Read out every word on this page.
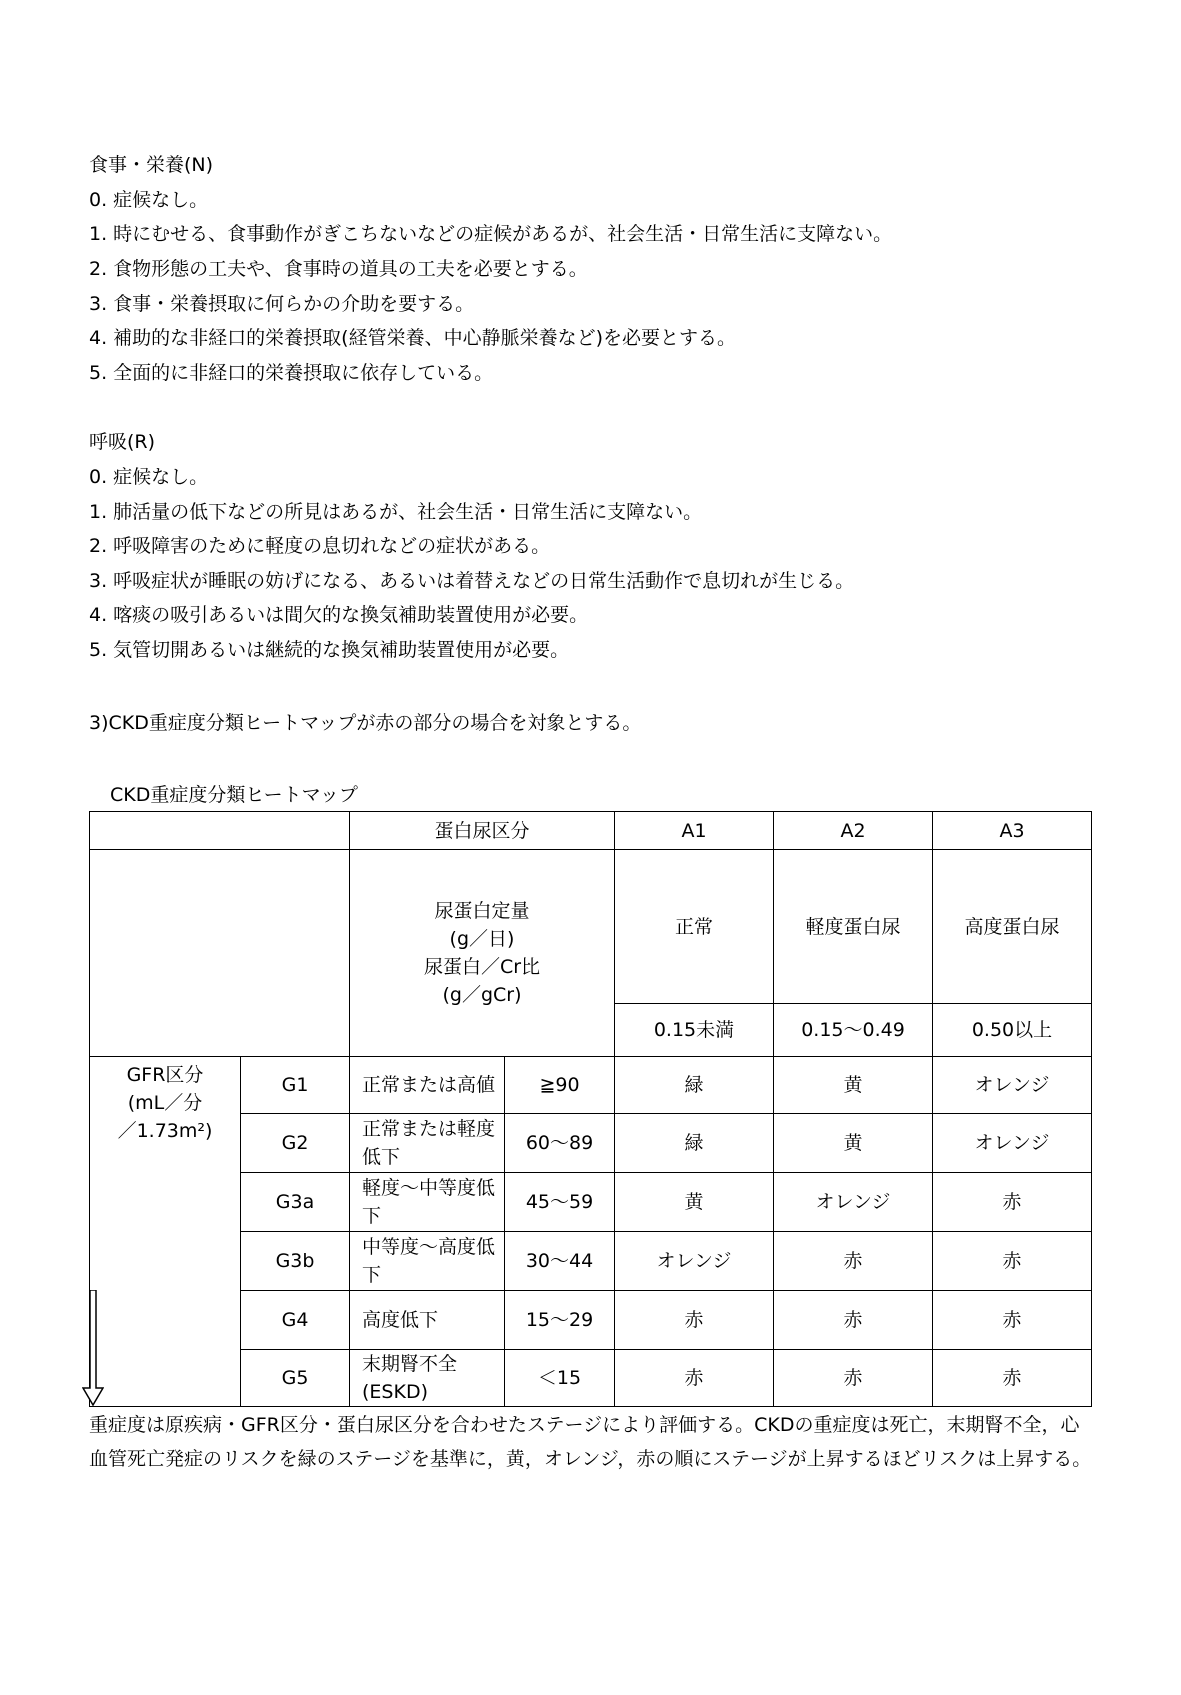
食事・栄養(N)
0. 症候なし。
1. 時にむせる、食事動作がぎこちないなどの症候があるが、社会生活・日常生活に支障ない。
2. 食物形態の工夫や、食事時の道具の工夫を必要とする。
3. 食事・栄養摂取に何らかの介助を要する。
4. 補助的な非経口的栄養摂取(経管栄養、中心静脈栄養など)を必要とする。
5. 全面的に非経口的栄養摂取に依存している。
呼吸(R)
0. 症候なし。
1. 肺活量の低下などの所見はあるが、社会生活・日常生活に支障ない。
2. 呼吸障害のために軽度の息切れなどの症状がある。
3. 呼吸症状が睡眠の妨げになる、あるいは着替えなどの日常生活動作で息切れが生じる。
4. 喀痰の吸引あるいは間欠的な換気補助装置使用が必要。
5. 気管切開あるいは継続的な換気補助装置使用が必要。
3)CKD重症度分類ヒートマップが赤の部分の場合を対象とする。
CKD重症度分類ヒートマップ
		蛋白尿区分		A1	A2	A3

		尿蛋白定量
(g／日)
尿蛋白／Cr比
(g／gCr)		正常	軽度蛋白尿	高度蛋白尿
				0.15未満	0.15～0.49	0.50以上

GFR区分
(mL／分
／1.73m²)	G1	正常または高値	≧90	緑	黄	オレンジ
	G2	正常または軽度低下	60～89	緑	黄	オレンジ
	G3a	軽度～中等度低下	45～59	黄	オレンジ	赤
	G3b	中等度～高度低下	30～44	オレンジ	赤	赤
	G4	高度低下	15～29	赤	赤	赤
	G5	末期腎不全(ESKD)	＜15	赤	赤	赤
重症度は原疾病・GFR区分・蛋白尿区分を合わせたステージにより評価する。CKDの重症度は死亡，末期腎不全，心血管死亡発症のリスクを緑のステージを基準に，黄，オレンジ，赤の順にステージが上昇するほどリスクは上昇する。
